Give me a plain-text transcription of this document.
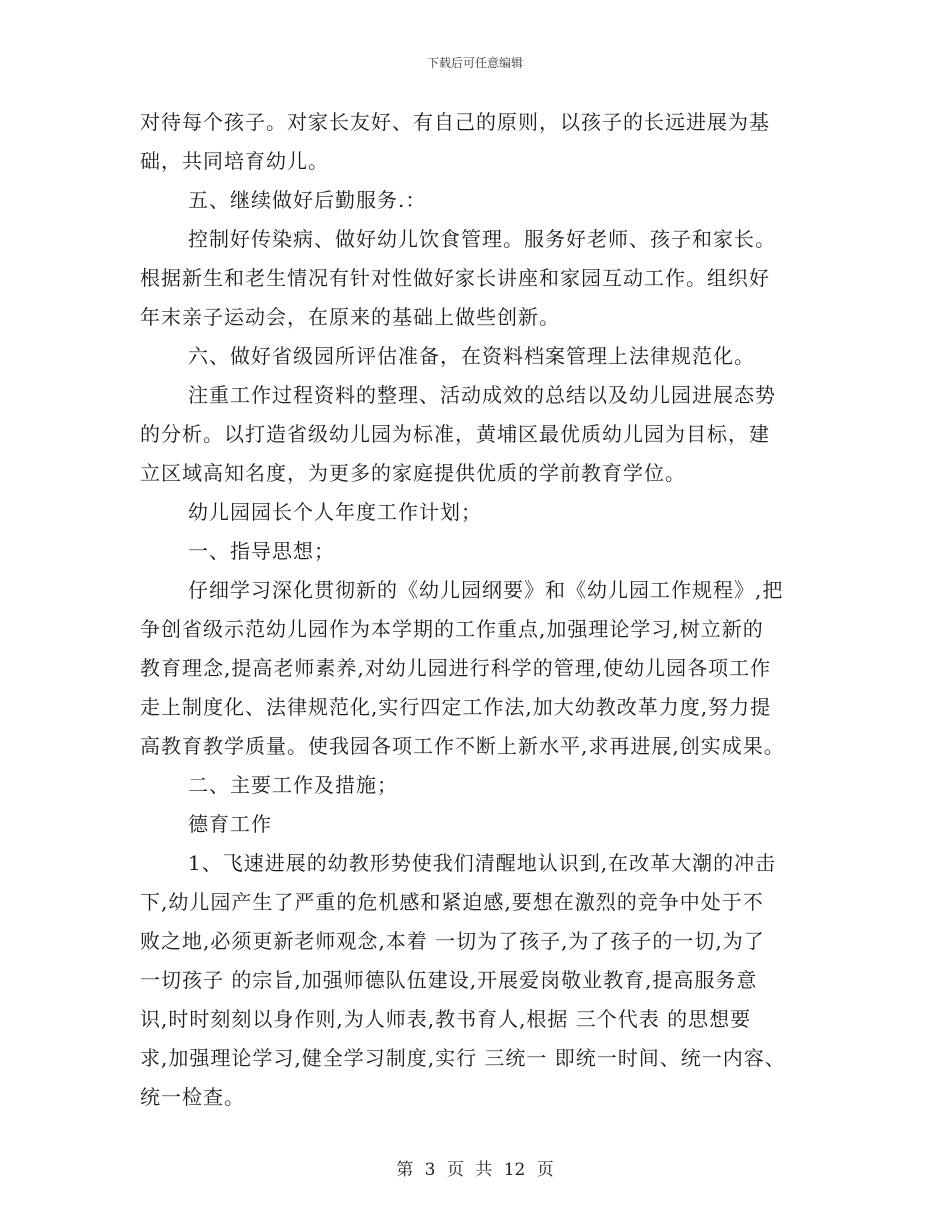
下载后可任意编辑
对待每个孩子。对家长友好、有自己的原则，以孩子的长远进展为基
础，共同培育幼儿。
五、继续做好后勤服务.：
控制好传染病、做好幼儿饮食管理。服务好老师、孩子和家长。
根据新生和老生情况有针对性做好家长讲座和家园互动工作。组织好
年末亲子运动会，在原来的基础上做些创新。
六、做好省级园所评估准备，在资料档案管理上法律规范化。
注重工作过程资料的整理、活动成效的总结以及幼儿园进展态势
的分析。以打造省级幼儿园为标准，黄埔区最优质幼儿园为目标，建
立区域高知名度，为更多的家庭提供优质的学前教育学位。
幼儿园园长个人年度工作计划；
一、指导思想；
仔细学习深化贯彻新的《幼儿园纲要》和《幼儿园工作规程》,把
争创省级示范幼儿园作为本学期的工作重点,加强理论学习,树立新的
教育理念,提高老师素养,对幼儿园进行科学的管理,使幼儿园各项工作
走上制度化、法律规范化,实行四定工作法,加大幼教改革力度,努力提
高教育教学质量。使我园各项工作不断上新水平,求再进展,创实成果。
二、主要工作及措施；
德育工作
1、飞速进展的幼教形势使我们清醒地认识到,在改革大潮的冲击
下,幼儿园产生了严重的危机感和紧迫感,要想在激烈的竞争中处于不
败之地,必须更新老师观念,本着 一切为了孩子,为了孩子的一切,为了
一切孩子 的宗旨,加强师德队伍建设,开展爱岗敬业教育,提高服务意
识,时时刻刻以身作则,为人师表,教书育人,根据 三个代表 的思想要
求,加强理论学习,健全学习制度,实行 三统一 即统一时间、统一内容、
统一检查。
第 3 页 共 12 页
